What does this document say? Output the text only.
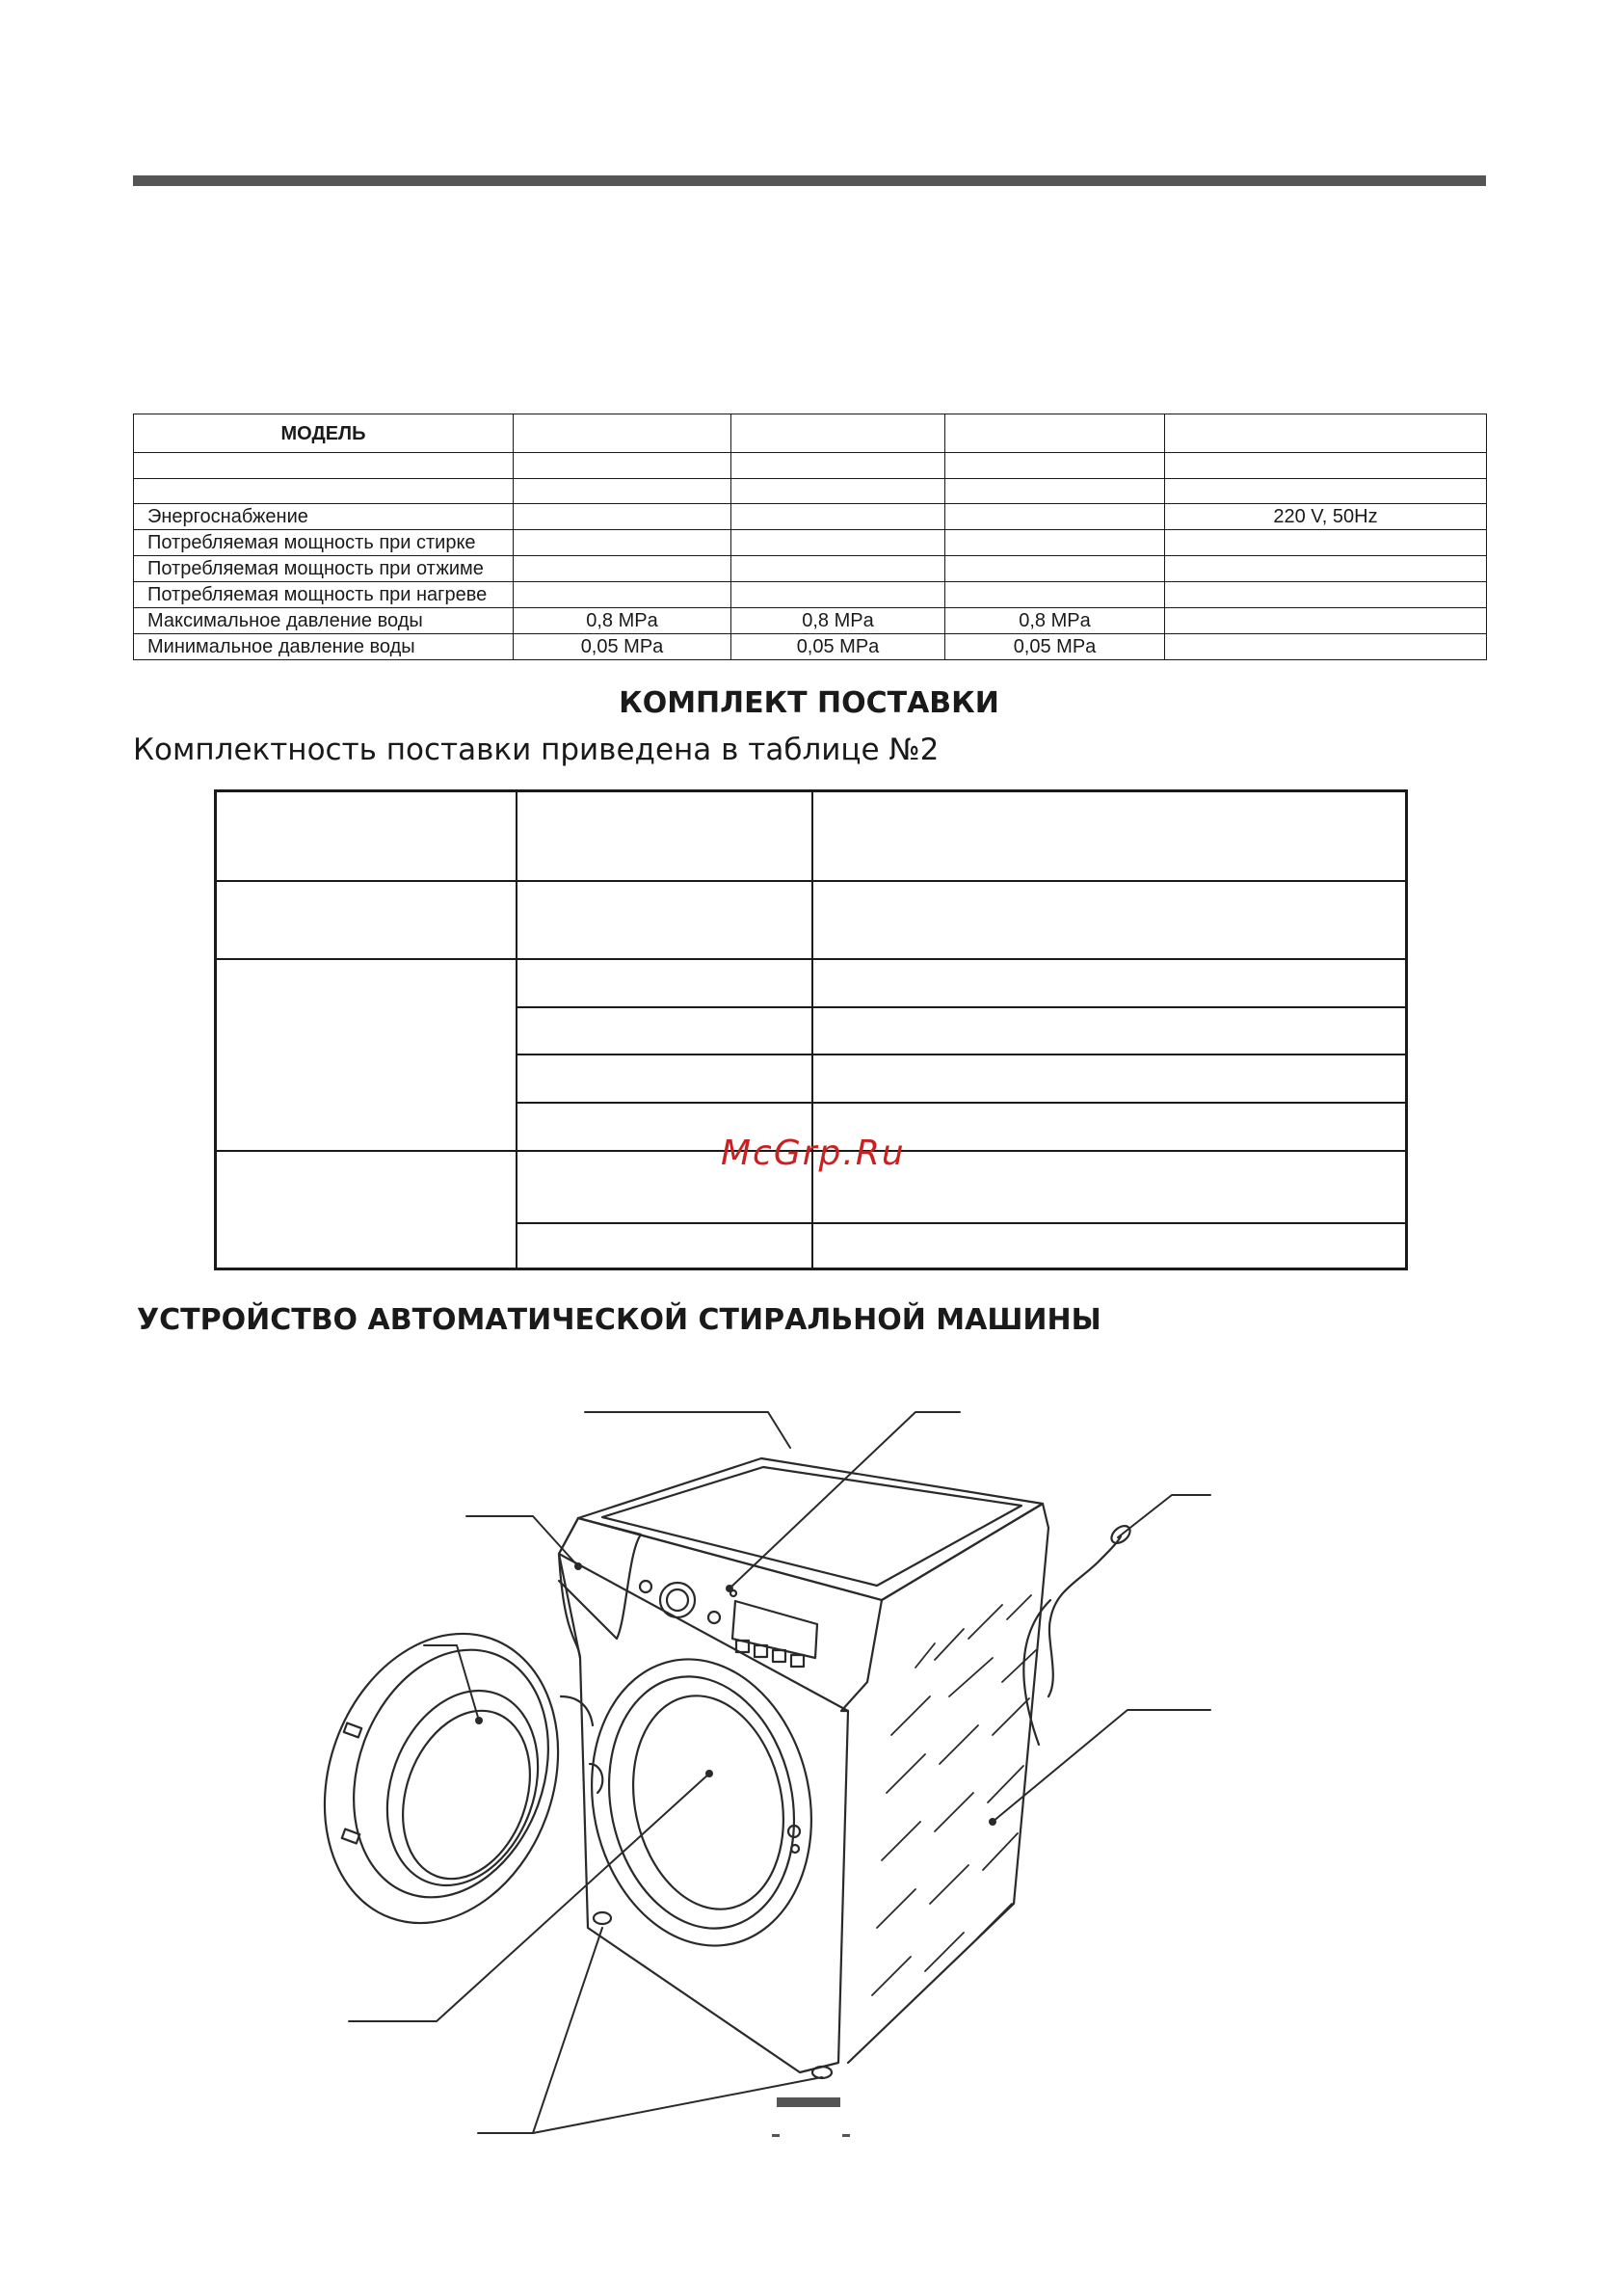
МОДЕЛЬ				

Энергоснабжение				220 V, 50Hz
Потребляемая мощность при стирке				
Потребляемая мощность при отжиме				
Потребляемая мощность при нагреве				
Максимальное давление воды	0,8 MPa	0,8 MPa	0,8 MPa	
Минимальное давление воды	0,05 MPa	0,05 MPa	0,05 MPa	
КОМПЛЕКТ ПОСТАВКИ
Комплектность поставки приведена в таблице №2

McGrp.Ru
УСТРОЙСТВО АВТОМАТИЧЕСКОЙ СТИРАЛЬНОЙ МАШИНЫ
